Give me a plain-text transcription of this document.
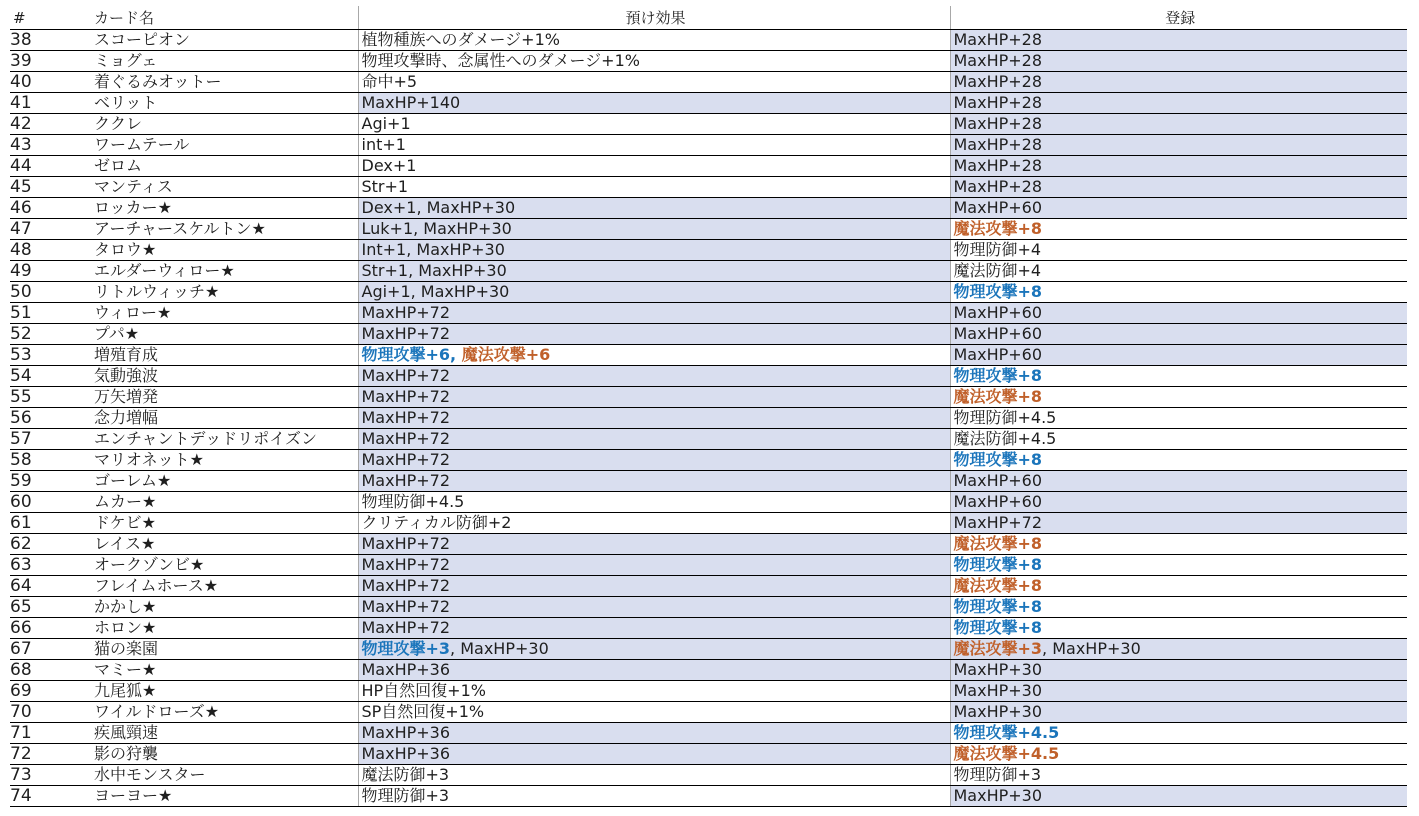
#	カード名	預け効果	登録
38	スコーピオン	植物種族へのダメージ+1%	MaxHP+28
39	ミョグェ	物理攻撃時、念属性へのダメージ+1%	MaxHP+28
40	着ぐるみオットー	命中+5	MaxHP+28
41	ベリット	MaxHP+140	MaxHP+28
42	ククレ	Agi+1	MaxHP+28
43	ワームテール	int+1	MaxHP+28
44	ゼロム	Dex+1	MaxHP+28
45	マンティス	Str+1	MaxHP+28
46	ロッカー★	Dex+1, MaxHP+30	MaxHP+60
47	アーチャースケルトン★	Luk+1, MaxHP+30	魔法攻撃+8
48	タロウ★	Int+1, MaxHP+30	物理防御+4
49	エルダーウィロー★	Str+1, MaxHP+30	魔法防御+4
50	リトルウィッチ★	Agi+1, MaxHP+30	物理攻撃+8
51	ウィロー★	MaxHP+72	MaxHP+60
52	プパ★	MaxHP+72	MaxHP+60
53	増殖育成	物理攻撃+6, 魔法攻撃+6	MaxHP+60
54	気動強波	MaxHP+72	物理攻撃+8
55	万矢増発	MaxHP+72	魔法攻撃+8
56	念力増幅	MaxHP+72	物理防御+4.5
57	エンチャントデッドリポイズン	MaxHP+72	魔法防御+4.5
58	マリオネット★	MaxHP+72	物理攻撃+8
59	ゴーレム★	MaxHP+72	MaxHP+60
60	ムカー★	物理防御+4.5	MaxHP+60
61	ドケビ★	クリティカル防御+2	MaxHP+72
62	レイス★	MaxHP+72	魔法攻撃+8
63	オークゾンビ★	MaxHP+72	物理攻撃+8
64	フレイムホース★	MaxHP+72	魔法攻撃+8
65	かかし★	MaxHP+72	物理攻撃+8
66	ホロン★	MaxHP+72	物理攻撃+8
67	猫の楽園	物理攻撃+3, MaxHP+30	魔法攻撃+3, MaxHP+30
68	マミー★	MaxHP+36	MaxHP+30
69	九尾狐★	HP自然回復+1%	MaxHP+30
70	ワイルドローズ★	SP自然回復+1%	MaxHP+30
71	疾風頸速	MaxHP+36	物理攻撃+4.5
72	影の狩襲	MaxHP+36	魔法攻撃+4.5
73	水中モンスター	魔法防御+3	物理防御+3
74	ヨーヨー★	物理防御+3	MaxHP+30
